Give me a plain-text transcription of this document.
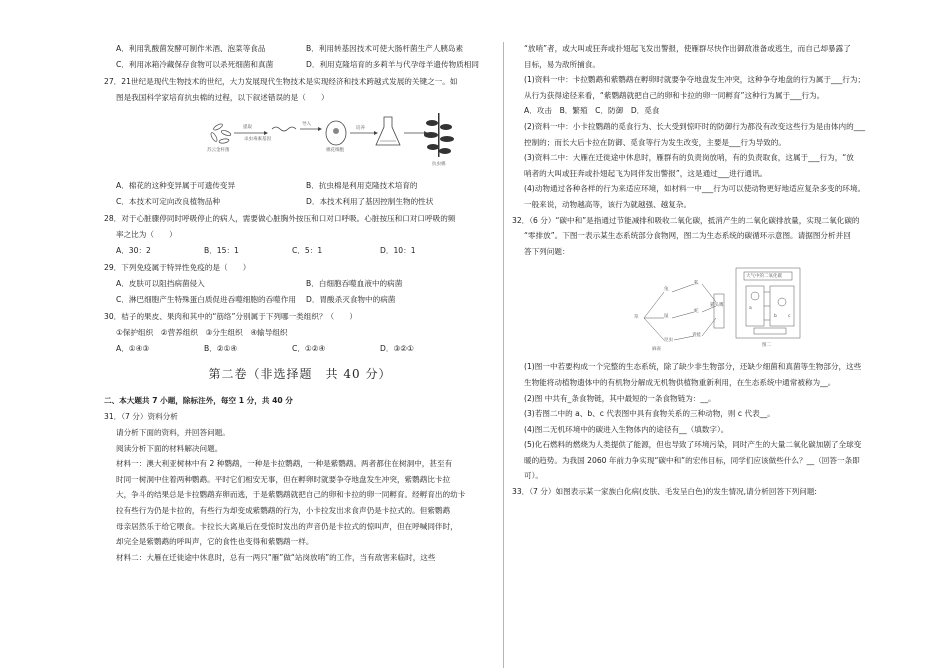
A．利用乳酸菌发酵可制作米酒、泡菜等食品	B．利用转基因技术可使大肠杆菌生产人胰岛素
C．利用冰箱冷藏保存食物可以杀死细菌和真菌	D．利用克隆培育的多莉羊与代孕母羊遗传物质相同
27．21世纪是现代生物技术的世纪，大力发展现代生物技术是实现经济和技术跨越式发展的关键之一。如
图是我国科学家培育抗虫棉的过程，以下叙述错误的是（　　）
苏云金杆菌
提取
杀虫毒素基因
导入
棉花细胞
培养
抗虫棉
A．棉花的这种变异属于可遗传变异	B．抗虫棉是利用克隆技术培育的
C．本技术可定向改良植物品种	D．本技术利用了基因控制生物的性状
28．对于心脏骤停同时呼吸停止的病人，需要做心脏胸外按压和口对口呼吸。心脏按压和口对口呼吸的频
率之比为（　　）
A．30：2	B．15：1	C．5：1	D．10：1
29．下列免疫属于特异性免疫的是（　　）
A．皮肤可以阻挡病菌侵入	B．白细胞吞噬血液中的病菌
C．淋巴细胞产生特殊蛋白质促进吞噬细胞的吞噬作用	D．胃酸杀灭食物中的病菌
30．桔子的果皮、果肉和其中的“筋络”分别属于下列哪一类组织？（　　）
①保护组织　②营养组织　③分生组织　④输导组织
A．①④③	B．②①④	C．①②④	D．③②①
第二卷（非选择题　共 40 分）
二、本大题共 7 小题，除标注外，每空 1 分，共 40 分
31．（7 分）资料分析
请分析下面的资料，并回答问题。
阅读分析下面的材料解决问题。
材料一：澳大利亚树林中有 2 种鹦鹉，一种是卡拉鹦鹉，一种是紫鹦鹉。两者都住在树洞中，甚至有
时同一树洞中住着两种鹦鹉。平时它们相安无事，但在孵卵时就要争夺地盘发生冲突，紫鹦鹉比卡拉
大，争斗的结果总是卡拉鹦鹉弃卵而逃，于是紫鹦鹉就把自己的卵和卡拉的卵一同孵育。经孵育出的幼卡
拉有些行为仍是卡拉的，有些行为却变成紫鹦鹉的行为，小卡拉发出求食声仍是卡拉式的。但紫鹦鹉
母亲居然乐于给它喂食。卡拉长大离巢后在受惊时发出的声音仍是卡拉式的惊叫声，但在呼喊同伴时，
却完全是紫鹦鹉的呼叫声，它的食性也变得和紫鹦鹉一样。
材料二：大雁在迁徙途中休息时，总有一两只“雁”做“站岗放哨”的工作，当有敌害来临时，这些
“放哨”者，或大叫或狂奔或扑翅起飞发出警报，使雁群尽快作出御敌准备或逃生，而自己却暴露了
目标，易为敌所捕食。
(1)资料一中：卡拉鹦鹉和紫鹦鹉在孵卵时就要争夺地盘发生冲突，这种争夺地盘的行为属于___行为；
从行为获得途径来看，“紫鹦鹉就把自己的卵和卡拉的卵一同孵育”这种行为属于___行为。
A．攻击　B．繁殖　C．防御　D．觅食
(2)资料一中：小卡拉鹦鹉的觅食行为、长大受到惊吓时的防御行为都没有改变这些行为是由体内的___
控制的；而长大后卡拉在防御、觅食等行为发生改变，主要是___行为导致的。
(3)资料二中：大雁在迁徙途中休息时，雁群有的负责岗放哨，有的负责取食，这属于___行为，“放
哨者的大叫或狂奔或扑翅起飞为同伴发出警报”，这是通过___进行通讯。
(4)动物通过各种各样的行为来适应环境，如材料一中___行为可以使动物更好地适应复杂多变的环境。
一般来说，动物越高等，该行为就越强、越复杂。
32．（6 分）“碳中和”是指通过节能减排和吸收二氧化碳，抵消产生的二氧化碳排放量，实现二氧化碳的
“零排放”。下图一表示某生态系统部分食物网，图二为生态系统的碳循环示意图。请据图分析并回
答下列问题：
草
兔
鼠
昆虫
青蛙
蛇
猫头鹰
狐
麻雀
大气中的二氧化碳
a
b c
图二
(1)图一中若要构成一个完整的生态系统，除了缺少非生物部分，还缺少细菌和真菌等生物部分，这些
生物能将动植物遗体中的有机物分解成无机物供植物重新利用，在生态系统中通常被称为__。
(2)图 中共有_条食物链，其中最短的一条食物链为：__。
(3)若图二中的 a、b、c 代表图中具有食物关系的三种动物，则 c 代表__。
(4)图二无机环境中的碳进入生物体内的途径有__（填数字）。
(5)化石燃料的燃烧为人类提供了能源，但也导致了环境污染，同时产生的大量二氧化碳加剧了全球变
暖的趋势。为我国 2060 年前力争实现“碳中和”的宏伟目标，同学们应该做些什么？__（回答一条即
可）。
33．（7 分）如图表示某一家族白化病(皮肤、毛发呈白色)的发生情况,请分析回答下列问题:
